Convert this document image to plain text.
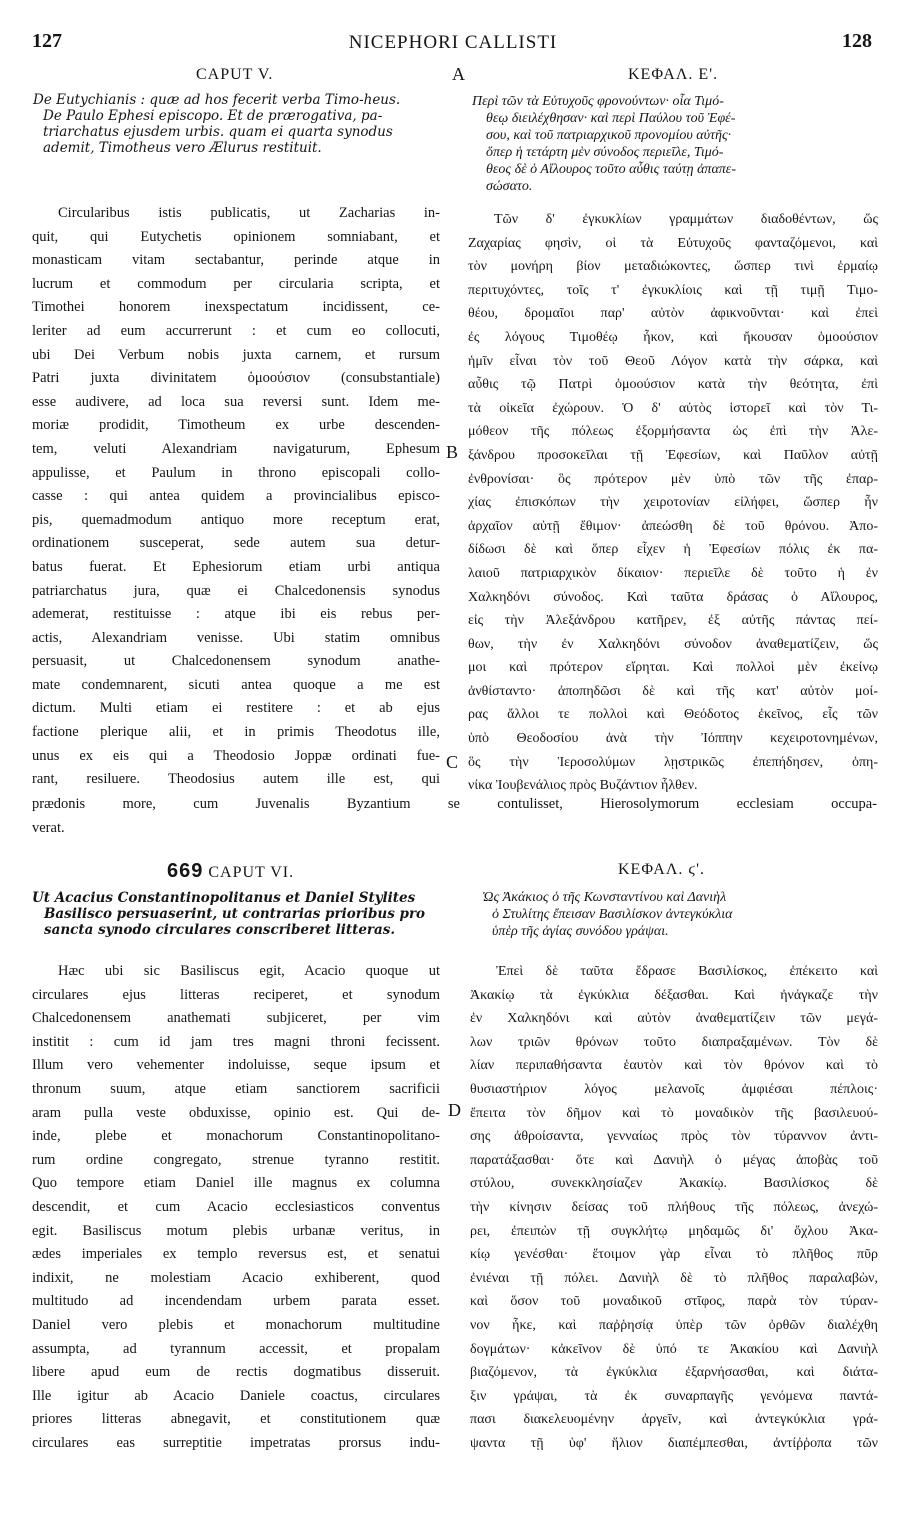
127	NICEPHORI CALLISTI	128
CAPUT V.	A	ΚΕΦΑΛ. Ε'.
De Eutychianis : quæ ad hos fecerit verba Timo-heus.
De Paulo Ephesi episcopo. Et de prærogativa, pa-
triarchatus ejusdem urbis. quam ei quarta synodus
ademit, Timotheus vero Ælurus restituit.
Περὶ τῶν τὰ Εὐτυχοῦς φρονούντων· οἷα Τιμό-
θεῳ διειλέχθησαν· καὶ περὶ Παύλου τοῦ Ἐφέ-
σου, καὶ τοῦ πατριαρχικοῦ προνομίου αὐτῆς·
ὅπερ ἡ τετάρτη μὲν σύνοδος περιεῖλε, Τιμό-
θεος δὲ ὁ Αἴλουρος τοῦτο αὖθις ταύτῃ ἀπαπε-
σώσατο.
Circularibus istis publicatis, ut Zacharias in-
quit, qui Eutychetis opinionem somniabant, et
monasticam vitam sectabantur, perinde atque in
lucrum et commodum per circularia scripta, et
Timothei honorem inexspectatum incidissent, ce-
leriter ad eum accurrerunt : et cum eo collocuti,
ubi Dei Verbum nobis juxta carnem, et rursum
Patri juxta divinitatem ὁμοούσιον (consubstantiale)
esse audivere, ad loca sua reversi sunt. Idem me-
moriæ prodidit, Timotheum ex urbe descenden-
tem, veluti Alexandriam navigaturum, Ephesum
appulisse, et Paulum in throno episcopali collo-
casse : qui antea quidem a provincialibus episco-
pis, quemadmodum antiquo more receptum erat,
ordinationem susceperat, sede autem sua detur-
batus fuerat. Et Ephesiorum etiam urbi antiqua
patriarchatus jura, quæ ei Chalcedonensis synodus
ademerat, restituisse : atque ibi eis rebus per-
actis, Alexandriam venisse. Ubi statim omnibus
persuasit, ut Chalcedonensem synodum anathe-
mate condemnarent, sicuti antea quoque a me est
dictum. Multi etiam ei restitere : et ab ejus
factione plerique alii, et in primis Theodotus ille,
unus ex eis qui a Theodosio Joppæ ordinati fue-
rant, resiluere. Theodosius autem ille est, qui
Τῶν δ' ἐγκυκλίων γραμμάτων διαδοθέντων, ὥς
Ζαχαρίας φησὶν, οἱ τὰ Εὐτυχοῦς φανταζόμενοι, καὶ
τὸν μονήρη βίον μεταδιώκοντες, ὥσπερ τινὶ ἑρμαίῳ
περιτυχόντες, τοῖς τ' ἐγκυκλίοις καὶ τῇ τιμῇ Τιμο-
θέου, δρομαῖοι παρ' αὐτὸν ἀφικνοῦνται· καὶ ἐπεὶ
ἐς λόγους Τιμοθέῳ ἧκον, καὶ ἤκουσαν ὁμοούσιον
ἡμῖν εἶναι τὸν τοῦ Θεοῦ Λόγον κατὰ τὴν σάρκα, καὶ
αὖθις τῷ Πατρὶ ὁμοούσιον κατὰ τὴν θεότητα, ἐπὶ
τὰ οἰκεῖα ἐχώρουν. Ὁ δ' αὐτὸς ἱστορεῖ καὶ τὸν Τι-
μόθεον τῆς πόλεως ἐξορμήσαντα ὡς ἐπὶ τὴν Ἀλε-
ξάνδρου προσοκεῖλαι τῇ Ἐφεσίων, καὶ Παῦλον αὐτῇ
ἐνθρονίσαι· ὃς πρότερον μὲν ὑπὸ τῶν τῆς ἐπαρ-
χίας ἐπισκόπων τὴν χειροτονίαν εἰλήφει, ὥσπερ ἦν
ἀρχαῖον αὐτῇ ἔθιμον· ἀπεώσθη δὲ τοῦ θρόνου. Ἀπο-
δίδωσι δὲ καὶ ὅπερ εἶχεν ἡ Ἐφεσίων πόλις ἐκ πα-
λαιοῦ πατριαρχικὸν δίκαιον· περιεῖλε δὲ τοῦτο ἡ ἐν
Χαλκηδόνι σύνοδος. Καὶ ταῦτα δράσας ὁ Αἴλουρος,
εἰς τὴν Ἀλεξάνδρου κατῆρεν, ἐξ αὐτῆς πάντας πεί-
θων, τὴν ἐν Χαλκηδόνι σύνοδον ἀναθεματίζειν, ὥς
μοι καὶ πρότερον εἴρηται. Καὶ πολλοὶ μὲν ἐκείνῳ
ἀνθίσταντο· ἀποπηδῶσι δὲ καὶ τῆς κατ' αὐτὸν μοί-
ρας ἄλλοι τε πολλοὶ καὶ Θεόδοτος ἐκεῖνος, εἷς τῶν
ὑπὸ Θεοδοσίου ἀνὰ τὴν Ἰόππην κεχειροτονημένων,
ὃς τὴν Ἱεροσολύμων λῃστρικῶς ἐπεπήδησεν, ὁπη-
νίκα Ἰουβενάλιος πρὸς Βυζάντιον ἦλθεν.
B
C
prædonis more, cum Juvenalis Byzantium se contulisset, Hierosolymorum ecclesiam occupa-
verat.
669 CAPUT VI.	ΚΕΦΑΛ. ϛ'.
Ut Acacius Constantinopolitanus et Daniel Stylites
Basilisco persuaserint, ut contrarias prioribus pro
sancta synodo circulares conscriberet litteras.
Ὡς Ἀκάκιος ὁ τῆς Κωνσταντίνου καὶ Δανιὴλ
ὁ Στυλίτης ἔπεισαν Βασιλίσκον ἀντεγκύκλια
ὑπὲρ τῆς ἁγίας συνόδου γράψαι.
Hæc ubi sic Basiliscus egit, Acacio quoque ut
circulares ejus litteras reciperet, et synodum
Chalcedonensem anathemati subjiceret, per vim
institit : cum id jam tres magni throni fecissent.
Illum vero vehementer indoluisse, seque ipsum et
thronum suum, atque etiam sanctiorem sacrificii
aram pulla veste obduxisse, opinio est. Qui de-
inde, plebe et monachorum Constantinopolitano-
rum ordine congregato, strenue tyranno restitit.
Quo tempore etiam Daniel ille magnus ex columna
descendit, et cum Acacio ecclesiasticos conventus
egit. Basiliscus motum plebis urbanæ veritus, in
ædes imperiales ex templo reversus est, et senatui
indixit, ne molestiam Acacio exhiberent, quod
multitudo ad incendendam urbem parata esset.
Daniel vero plebis et monachorum multitudine
assumpta, ad tyrannum accessit, et propalam
libere apud eum de rectis dogmatibus disseruit.
Ille igitur ab Acacio Daniele coactus, circulares
priores litteras abnegavit, et constitutionem quæ
circulares eas surreptitie impetratas prorsus indu-
Ἐπεὶ δὲ ταῦτα ἔδρασε Βασιλίσκος, ἐπέκειτο καὶ
Ἀκακίῳ τὰ ἐγκύκλια δέξασθαι. Καὶ ἠνάγκαζε τὴν
ἐν Χαλκηδόνι καὶ αὐτὸν ἀναθεματίζειν τῶν μεγά-
λων τριῶν θρόνων τοῦτο διαπραξαμένων. Τὸν δὲ
λίαν περιπαθήσαντα ἑαυτὸν καὶ τὸν θρόνον καὶ τὸ
θυσιαστήριον λόγος μελανοῖς ἀμφιέσαι πέπλοις·
ἔπειτα τὸν δῆμον καὶ τὸ μοναδικὸν τῆς βασιλευού-
σης ἀθροίσαντα, γενναίως πρὸς τὸν τύραννον ἀντι-
παρατάξασθαι· ὅτε καὶ Δανιὴλ ὁ μέγας ἀποβὰς τοῦ
στύλου, συνεκκλησίαζεν Ἀκακίῳ. Βασιλίσκος δὲ
τὴν κίνησιν δείσας τοῦ πλήθους τῆς πόλεως, ἀνεχώ-
ρει, ἐπειπὼν τῇ συγκλήτῳ μηδαμῶς δι' ὄχλου Ἀκα-
κίῳ γενέσθαι· ἕτοιμον γὰρ εἶναι τὸ πλῆθος πῦρ
ἐνιέναι τῇ πόλει. Δανιὴλ δὲ τὸ πλῆθος παραλαβὼν,
καὶ ὅσον τοῦ μοναδικοῦ στῖφος, παρὰ τὸν τύραν-
νον ἧκε, καὶ παῤῥησίᾳ ὑπὲρ τῶν ὀρθῶν διαλέχθη
δογμάτων· κἀκεῖνον δὲ ὑπό τε Ἀκακίου καὶ Δανιὴλ
βιαζόμενον, τὰ ἐγκύκλια ἐξαρνήσασθαι, καὶ διάτα-
ξιν γράψαι, τὰ ἐκ συναρπαγῆς γενόμενα παντά-
πασι διακελευομένην ἀργεῖν, καὶ ἀντεγκύκλια γρά-
ψαντα τῇ ὑφ' ἥλιον διαπέμπεσθαι, ἀντίῤῥοπα τῶν
D
